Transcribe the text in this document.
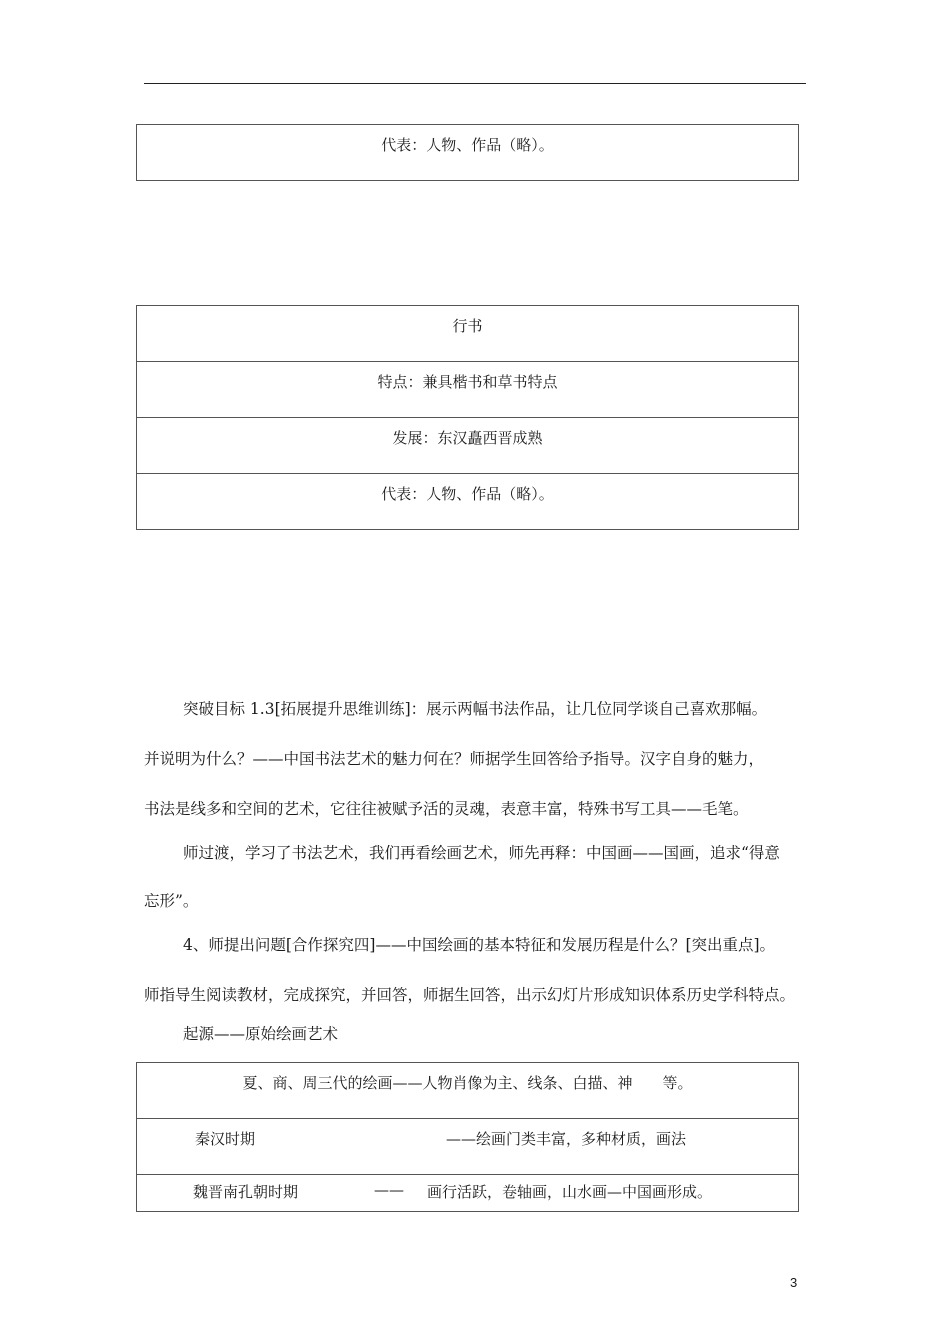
代表：人物、作品（略）。
行书
特点：兼具楷书和草书特点
发展：东汉矗西晋成熟
代表：人物、作品（略）。
突破目标 1.3[拓展提升思维训练]：展示两幅书法作品，让几位同学谈自己喜欢那幅。
并说明为什么？——中国书法艺术的魅力何在？师据学生回答给予指导。汉字自身的魅力，
书法是线多和空间的艺术，它往往被赋予活的灵魂，表意丰富，特殊书写工具——毛笔。
师过渡，学习了书法艺术，我们再看绘画艺术，师先再释：中国画——国画，追求“得意
忘形”。
4、师提出问题[合作探究四]——中国绘画的基本特征和发展历程是什么？[突出重点]。
师指导生阅读教材，完成探究，并回答，师据生回答，出示幻灯片形成知识体系历史学科特点。
起源——原始绘画艺术
夏、商、周三代的绘画——人物肖像为主、线条、白描、神　　等。
秦汉时期	——绘画门类丰富，多种材质，画法
魏晋南孔朝时期	—— 画行活跃，卷轴画，山水画—中国画形成。
3
